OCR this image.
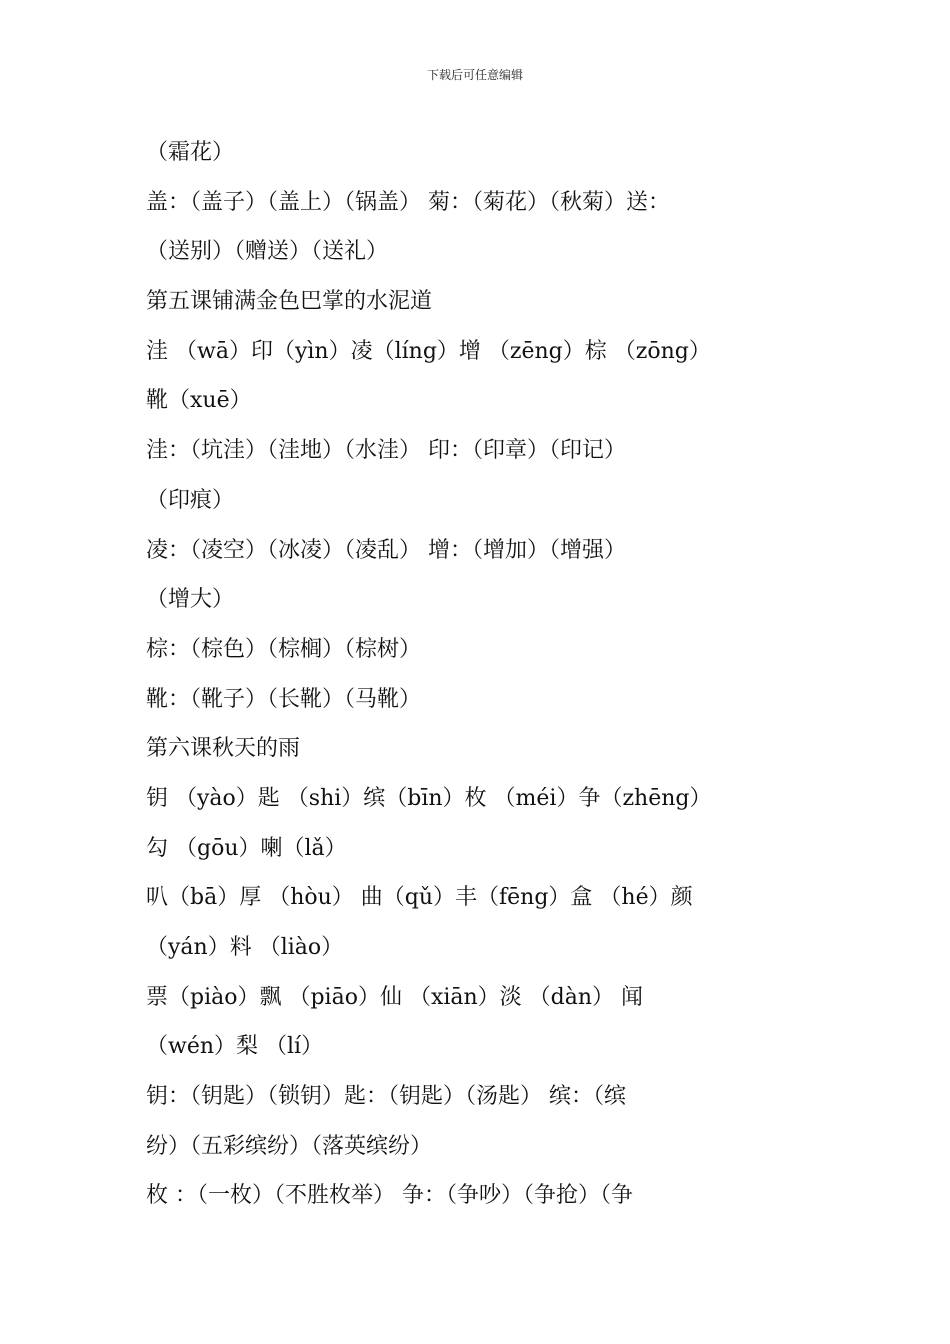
下载后可任意编辑
（霜花）
盖：（盖子）（盖上）（锅盖） 菊：（菊花）（秋菊）送：
（送别）（赠送）（送礼）
第五课铺满金色巴掌的水泥道
洼 （wā）印（yìn）凌（líng）增 （zēng）棕 （zōng）
靴（xuē）
洼：（坑洼）（洼地）（水洼） 印：（印章）（印记）
（印痕）
凌：（凌空）（冰凌）（凌乱） 增：（增加）（增强）
（增大）
棕：（棕色）（棕榈）（棕树）
靴：（靴子）（长靴）（马靴）
第六课秋天的雨
钥 （yào）匙 （shi）缤（bīn）枚 （méi）争（zhēng）
勾 （gōu）喇（lǎ）
叭（bā）厚 （hòu） 曲（qǔ）丰（fēng）盒 （hé）颜
（yán）料 （liào）
票（piào）飘 （piāo）仙 （xiān）淡 （dàn） 闻
（wén）梨 （lí）
钥：（钥匙）（锁钥）匙：（钥匙）（汤匙） 缤：（缤
纷）（五彩缤纷）（落英缤纷）
枚 ：（一枚）（不胜枚举） 争：（争吵）（争抢）（争
